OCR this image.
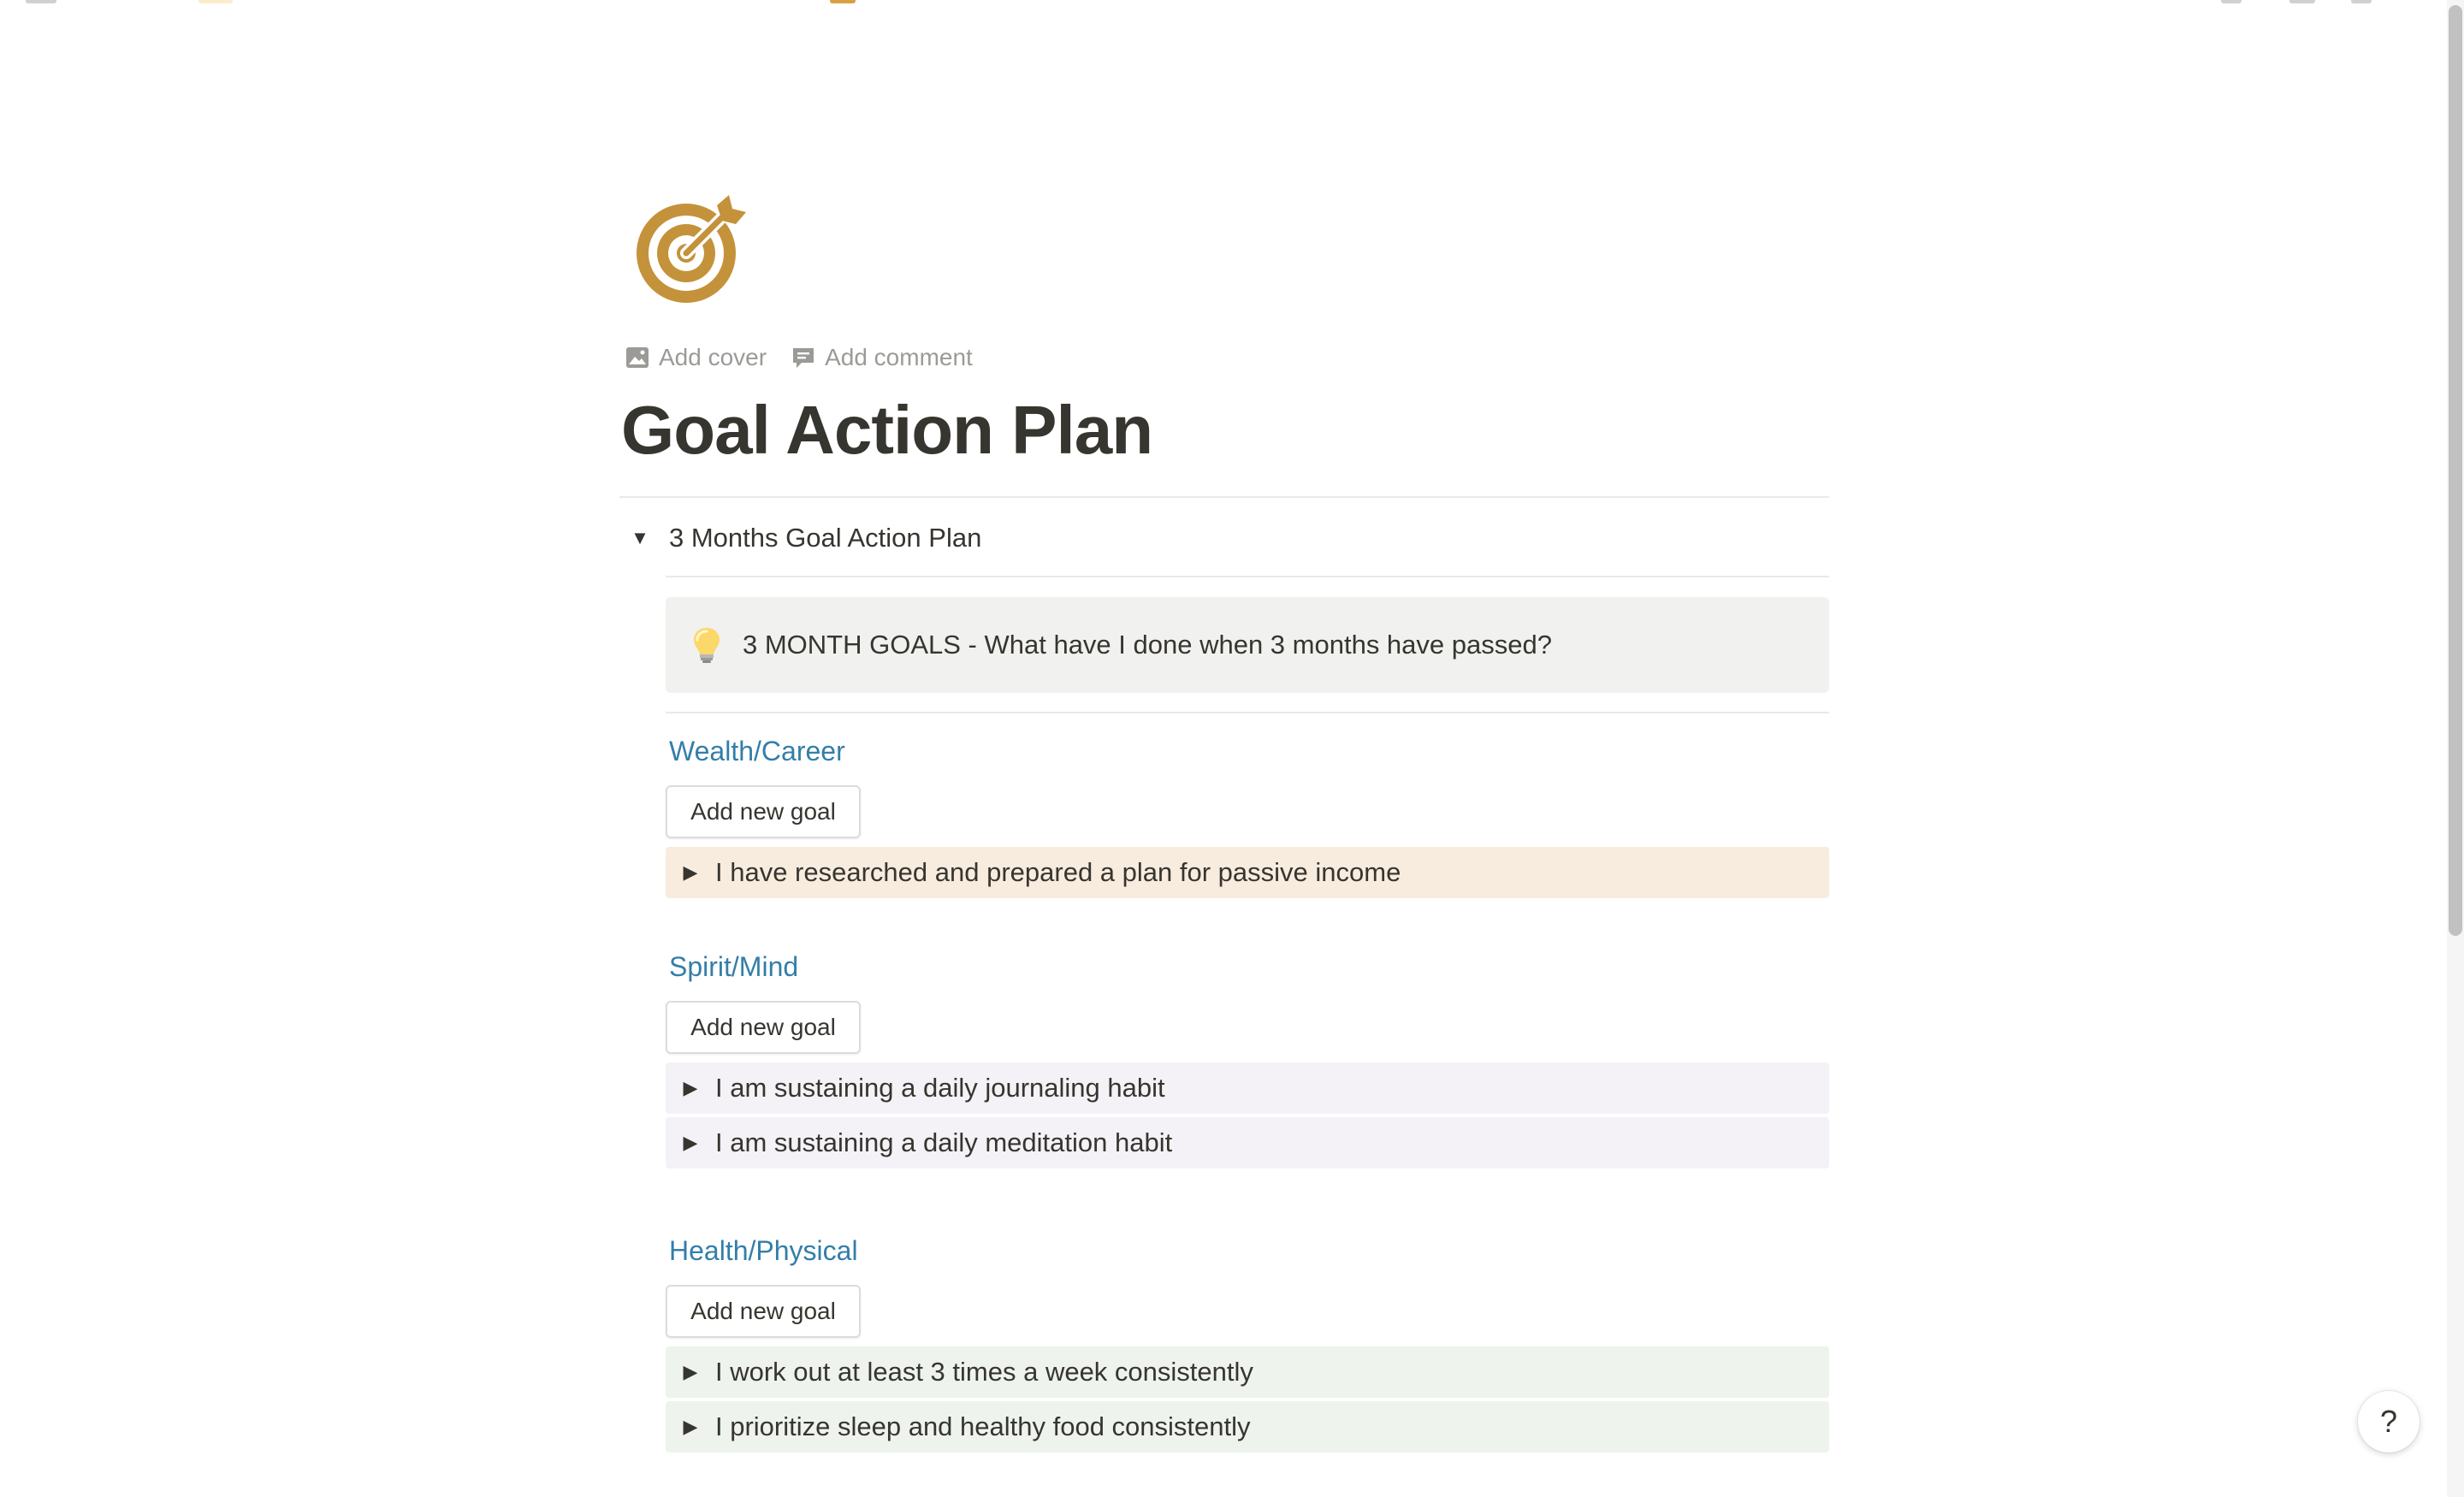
Add cover Add comment
Goal Action Plan
▼ 3 Months Goal Action Plan
3 MONTH GOALS - What have I done when 3 months have passed?
Wealth/Career
Add new goal
▶ I have researched and prepared a plan for passive income
Spirit/Mind
Add new goal
▶ I am sustaining a daily journaling habit
▶ I am sustaining a daily meditation habit
Health/Physical
Add new goal
▶ I work out at least 3 times a week consistently
▶ I prioritize sleep and healthy food consistently	?
